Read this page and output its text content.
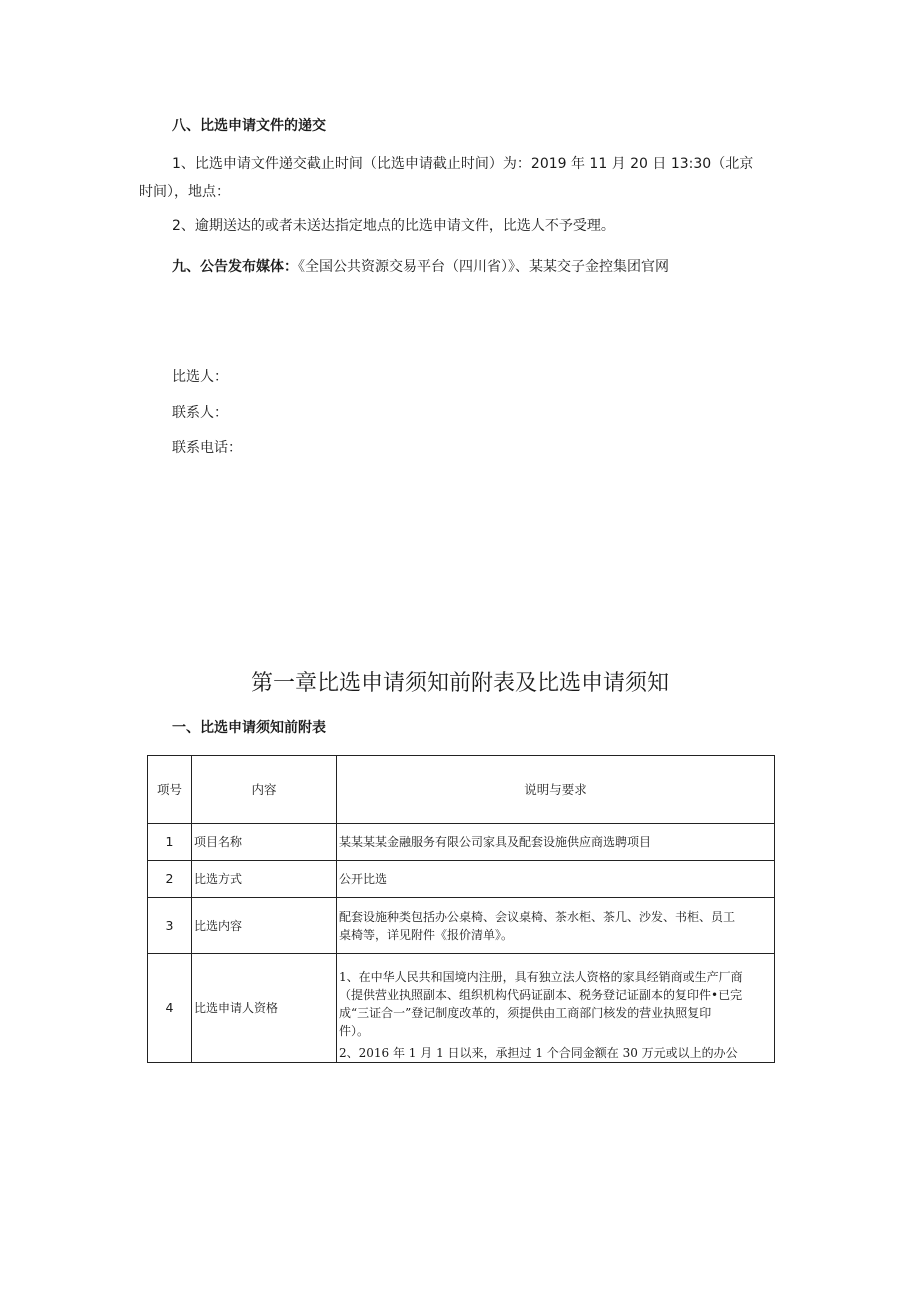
八、比选申请文件的递交
1、比选申请文件递交截止时间（比选申请截止时间）为：2019 年 11 月 20 日 13:30（北京
时间），地点：
2、逾期送达的或者未送达指定地点的比选申请文件，比选人不予受理。
九、公告发布媒体：《全国公共资源交易平台（四川省）》、某某交子金控集团官网
比选人：
联系人：
联系电话：
第一章比选申请须知前附表及比选申请须知
一、比选申请须知前附表
项号	内容	说明与要求
1	项目名称	某某某某金融服务有限公司家具及配套设施供应商选聘项目

2	比选方式	公开比选

3	比选内容	配套设施种类包括办公桌椅、会议桌椅、茶水柜、茶几、沙发、书柜、员工
桌椅等，详见附件《报价清单》。

4	比选申请人资格	1、在中华人民共和国境内注册，具有独立法人资格的家具经销商或生产厂商
（提供营业执照副本、组织机构代码证副本、税务登记证副本的复印件•已完
成“三证合一”登记制度改革的，须提供由工商部门核发的营业执照复印
件）。
2、2016 年 1 月 1 日以来，承担过 1 个合同金额在 30 万元或以上的办公
